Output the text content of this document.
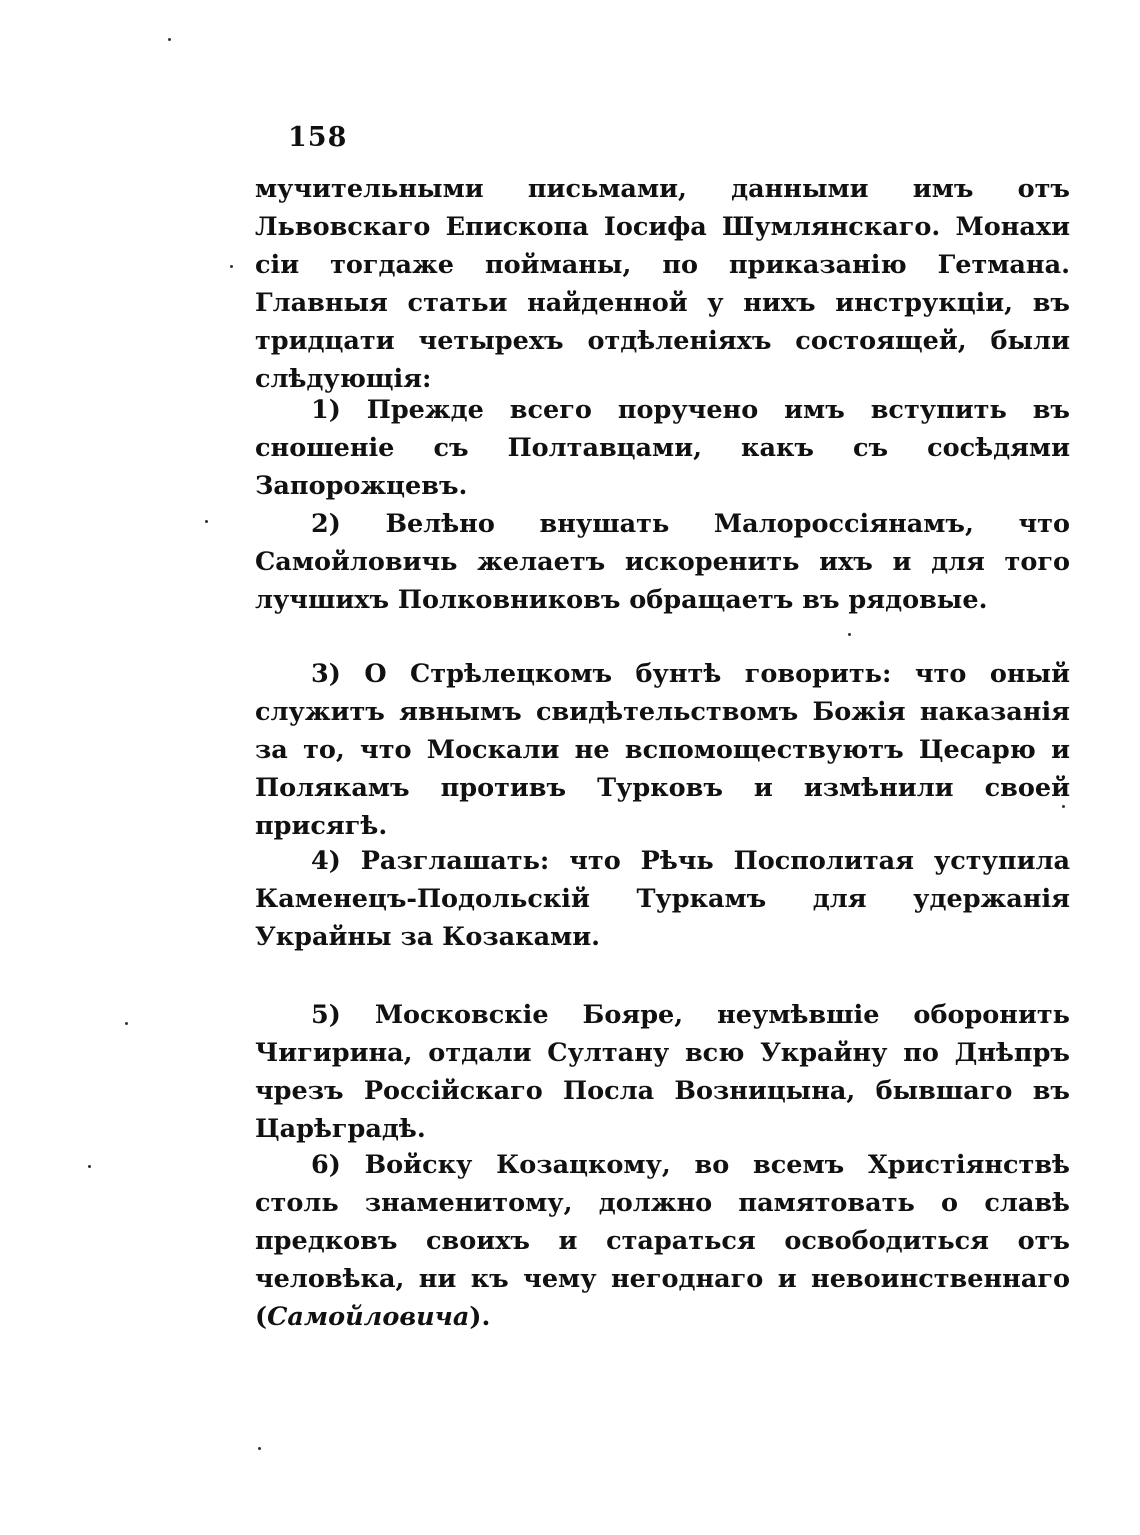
158

мучительными письмами, данными имъ отъ Львовскаго Епископа Іосифа Шумлянскаго. Монахи сіи тогдаже пойманы, по приказанію Гетмана. Главныя статьи найденной у нихъ инструкціи, въ тридцати четырехъ отдѣленіяхъ состоящей, были слѣдующія:

1) Прежде всего поручено имъ вступить въ сношеніе съ Полтавцами, какъ съ сосѣдями Запорожцевъ.

2) Велѣно внушать Малороссіянамъ, что Самойловичь желаетъ искоренить ихъ и для того лучшихъ Полковниковъ обращаетъ въ рядовые.

3) О Стрѣлецкомъ бунтѣ говорить: что оный служитъ явнымъ свидѣтельствомъ Божія наказанія за то, что Москали не вспомоществуютъ Цесарю и Полякамъ противъ Турковъ и измѣнили своей присягѣ.

4) Разглашать: что Рѣчь Посполитая уступила Каменецъ-Подольскій Туркамъ для удержанія Украйны за Козаками.

5) Московскіе Бояре, неумѣвшіе оборонить Чигирина, отдали Султану всю Украйну по Днѣпръ чрезъ Россійскаго Посла Возницына, бывшаго въ Царѣградѣ.

6) Войску Козацкому, во всемъ Христіянствѣ столь знаменитому, должно памятовать о славѣ предковъ своихъ и стараться освободиться отъ человѣка, ни къ чему негоднаго и невоинственнаго (Самойловича).
